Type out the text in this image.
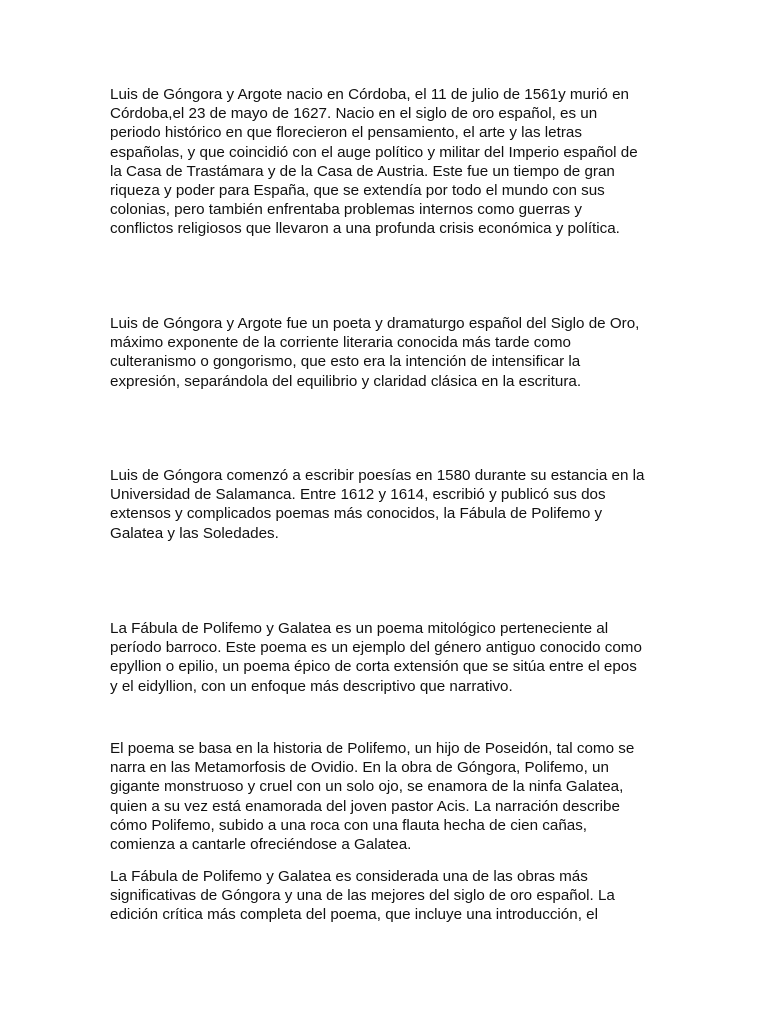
Luis de Góngora y Argote nacio en Córdoba, el 11 de julio de 1561y murió en
Córdoba,el 23 de mayo de 1627. Nacio en el siglo de oro español, es un
periodo histórico en que florecieron el pensamiento, el arte y las letras
españolas, y que coincidió con el auge político y militar del Imperio español de
la Casa de Trastámara y de la Casa de Austria. Este fue un tiempo de gran
riqueza y poder para España, que se extendía por todo el mundo con sus
colonias, pero también enfrentaba problemas internos como guerras y
conflictos religiosos que llevaron a una profunda crisis económica y política.

Luis de Góngora y Argote fue un poeta y dramaturgo español del Siglo de Oro,
máximo exponente de la corriente literaria conocida más tarde como
culteranismo o gongorismo, que esto era la intención de intensificar la
expresión, separándola del equilibrio y claridad clásica en la escritura.

Luis de Góngora comenzó a escribir poesías en 1580 durante su estancia en la
Universidad de Salamanca. Entre 1612 y 1614, escribió y publicó sus dos
extensos y complicados poemas más conocidos, la Fábula de Polifemo y
Galatea y las Soledades.

La Fábula de Polifemo y Galatea es un poema mitológico perteneciente al
período barroco. Este poema es un ejemplo del género antiguo conocido como
epyllion o epilio, un poema épico de corta extensión que se sitúa entre el epos
y el eidyllion, con un enfoque más descriptivo que narrativo.

El poema se basa en la historia de Polifemo, un hijo de Poseidón, tal como se
narra en las Metamorfosis de Ovidio. En la obra de Góngora, Polifemo, un
gigante monstruoso y cruel con un solo ojo, se enamora de la ninfa Galatea,
quien a su vez está enamorada del joven pastor Acis. La narración describe
cómo Polifemo, subido a una roca con una flauta hecha de cien cañas,
comienza a cantarle ofreciéndose a Galatea.

La Fábula de Polifemo y Galatea es considerada una de las obras más
significativas de Góngora y una de las mejores del siglo de oro español. La
edición crítica más completa del poema, que incluye una introducción, el
